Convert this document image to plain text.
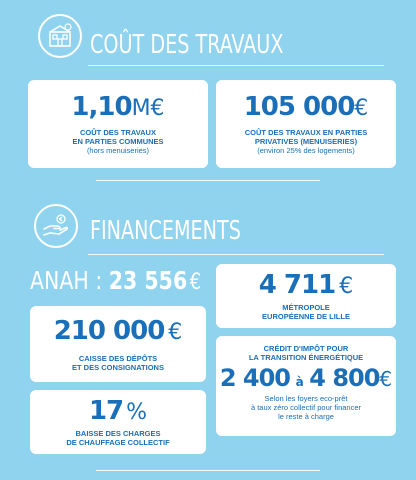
COÛT DES TRAVAUX
1,10M€
COÛT DES TRAVAUX
EN PARTIES COMMUNES
(hors menuiseries)
105 000€
COÛT DES TRAVAUX EN PARTIES
PRIVATIVES (MENUISERIES)
(environ 25% des logements)
FINANCEMENTS
ANAH : 23 556 €	4 711 €
MÉTROPOLE
EUROPÉENNE DE LILLE
210 000 €
CAISSE DES DÉPÔTS
ET DES CONSIGNATIONS
CRÉDIT D'IMPÔT POUR
LA TRANSITION ÉNERGÉTIQUE
2 400 à 4 800€
Selon les foyers eco-prêt
à taux zéro collectif pour financer
le reste à charge
17 %
BAISSE DES CHARGES
DE CHAUFFAGE COLLECTIF
